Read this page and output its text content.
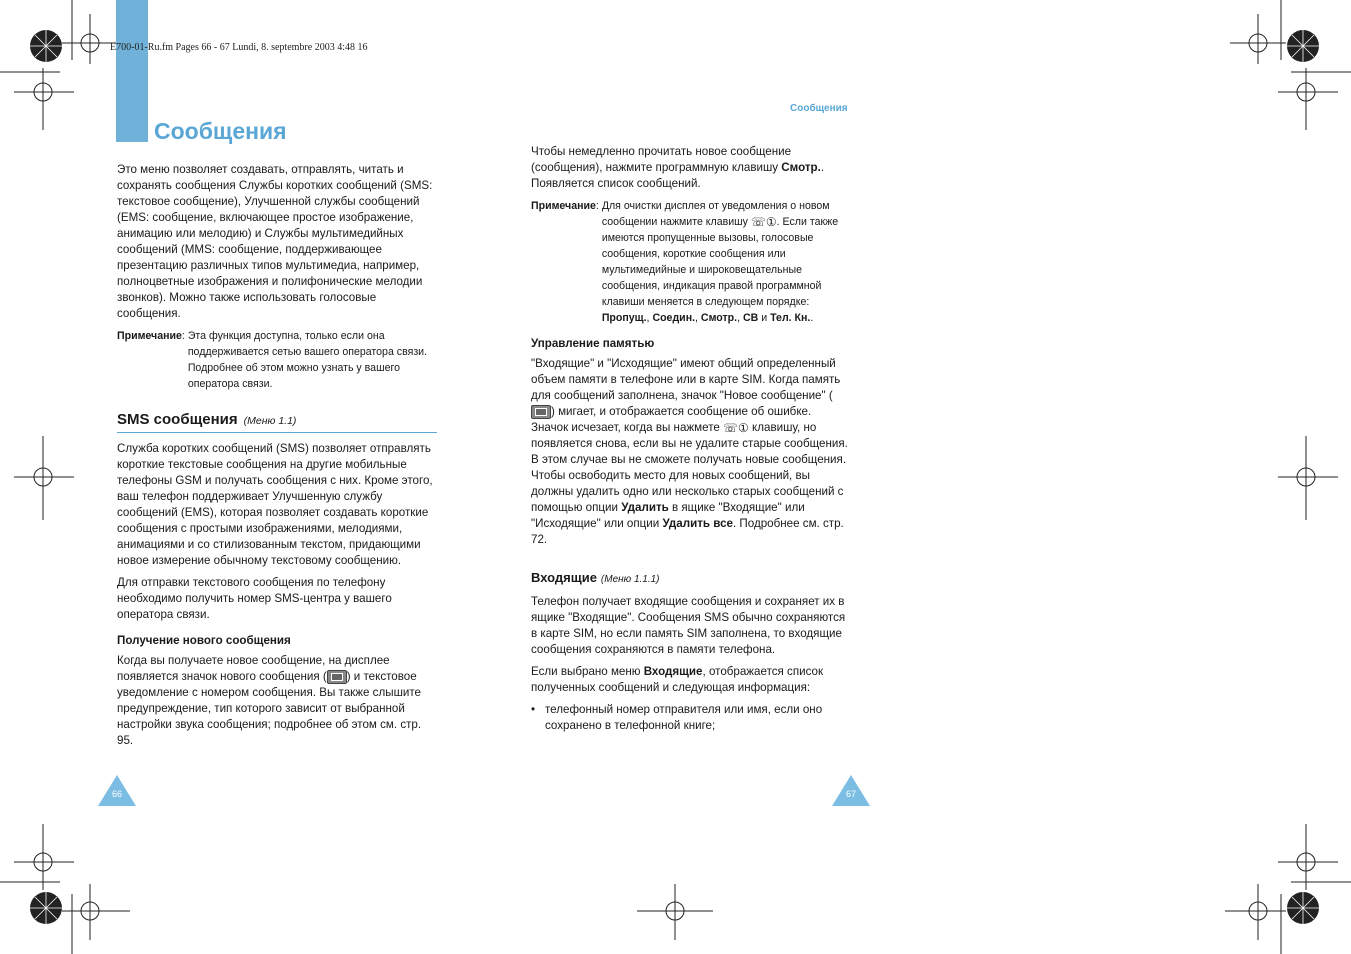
E700-01-Ru.fm Pages 66 - 67 Lundi, 8. septembre 2003 4:48 16
Сообщения
Сообщения

Это меню позволяет создавать, отправлять, читать и сохранять сообщения Службы коротких сообщений (SMS: текстовое сообщение), Улучшенной службы сообщений (EMS: сообщение, включающее простое изображение, анимацию или мелодию) и Службы мультимедийных сообщений (MMS: сообщение, поддерживающее презентацию различных типов мультимедиа, например, полноцветные изображения и полифонические мелодии звонков). Можно также использовать голосовые сообщения.

Примечание: Эта функция доступна, только если она поддерживается сетью вашего оператора связи. Подробнее об этом можно узнать у вашего оператора связи.
SMS сообщения (Меню 1.1)

Служба коротких сообщений (SMS) позволяет отправлять короткие текстовые сообщения на другие мобильные телефоны GSM и получать сообщения с них. Кроме этого, ваш телефон поддерживает Улучшенную службу сообщений (EMS), которая позволяет создавать короткие сообщения с простыми изображениями, мелодиями, анимациями и со стилизованным текстом, придающими новое измерение обычному текстовому сообщению.

Для отправки текстового сообщения по телефону необходимо получить номер SMS-центра у вашего оператора связи.

Получение нового сообщения

Когда вы получаете новое сообщение, на дисплее появляется значок нового сообщения ( ) и текстовое уведомление с номером сообщения. Вы также слышите предупреждение, тип которого зависит от выбранной настройки звука сообщения; подробнее об этом см. стр. 95.

Чтобы немедленно прочитать новое сообщение (сообщения), нажмите программную клавишу Смотр.. Появляется список сообщений.

Примечание: Для очистки дисплея от уведомления о новом сообщении нажмите клавишу ☏①. Если также имеются пропущенные вызовы, голосовые сообщения, короткие сообщения или мультимедийные и широковещательные сообщения, индикация правой программной клавиши меняется в следующем порядке: Пропущ., Соедин., Смотр., СВ и Тел. Кн..
Управление памятью

"Входящие" и "Исходящие" имеют общий определенный объем памяти в телефоне или в карте SIM. Когда память для сообщений заполнена, значок "Новое сообщение" () мигает, и отображается сообщение об ошибке. Значок исчезает, когда вы нажмете ☏① клавишу, но появляется снова, если вы не удалите старые сообщения. В этом случае вы не сможете получать новые сообщения. Чтобы освободить место для новых сообщений, вы должны удалить одно или несколько старых сообщений с помощью опции Удалить в ящике "Входящие" или "Исходящие" или опции Удалить все. Подробнее см. стр. 72.

Входящие (Меню 1.1.1)

Телефон получает входящие сообщения и сохраняет их в ящике "Входящие". Сообщения SMS обычно сохраняются в карте SIM, но если память SIM заполнена, то входящие сообщения сохраняются в памяти телефона.

Если выбрано меню Входящие, отображается список полученных сообщений и следующая информация:

• телефонный номер отправителя или имя, если оно сохранено в телефонной книге;

66	67
